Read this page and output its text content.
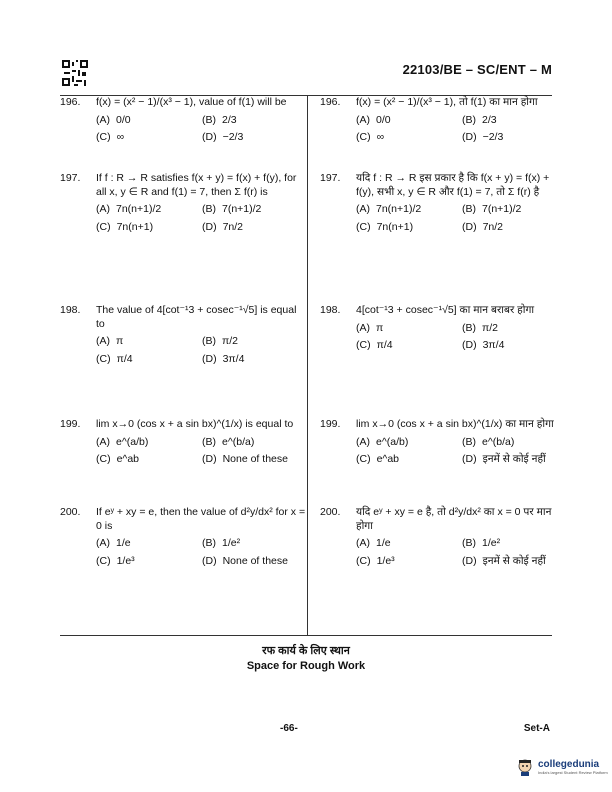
22103/BE – SC/ENT – M
196. f(x) = (x² − 1)/(x³ − 1), value of f(1) will be
(A) 0/0	(B) 2/3
(C) ∞	(D) −2/3
197. If f : R → R satisfies f(x + y) = f(x) + f(y), for all x, y ∈ R and f(1) = 7, then Σ f(r) is
(A) 7n(n+1)/2	(B) 7(n+1)/2
(C) 7n(n+1)	(D) 7n/2
198. The value of 4[cot⁻¹3 + cosec⁻¹√5] is equal to
(A) π	(B) π/2
(C) π/4	(D) 3π/4
199. lim x→0 (cos x + a sin bx)^(1/x) is equal to
(A) e^(a/b)	(B) e^(b/a)
(C) e^ab	(D) None of these
200. If eʸ + xy = e, then the value of d²y/dx² for x = 0 is
(A) 1/e	(B) 1/e²
(C) 1/e³	(D) None of these
196. f(x) = (x² − 1)/(x³ − 1), तो f(1) का मान होगा
(A) 0/0	(B) 2/3
(C) ∞	(D) −2/3
197. यदि f : R → R इस प्रकार है कि f(x + y) = f(x) + f(y), सभी x, y ∈ R और f(1) = 7, तो Σ f(r) है
(A) 7n(n+1)/2	(B) 7(n+1)/2
(C) 7n(n+1)	(D) 7n/2
198. 4[cot⁻¹3 + cosec⁻¹√5] का मान बराबर होगा
(A) π	(B) π/2
(C) π/4	(D) 3π/4
199. lim x→0 (cos x + a sin bx)^(1/x) का मान होगा
(A) e^(a/b)	(B) e^(b/a)
(C) e^ab	(D) इनमें से कोई नहीं
200. यदि eʸ + xy = e है, तो d²y/dx² का x = 0 पर मान होगा
(A) 1/e	(B) 1/e²
(C) 1/e³	(D) इनमें से कोई नहीं
रफ कार्य के लिए स्थान
Space for Rough Work
-66-	Set-A
collegedunia
India's largest Student Review Platform
